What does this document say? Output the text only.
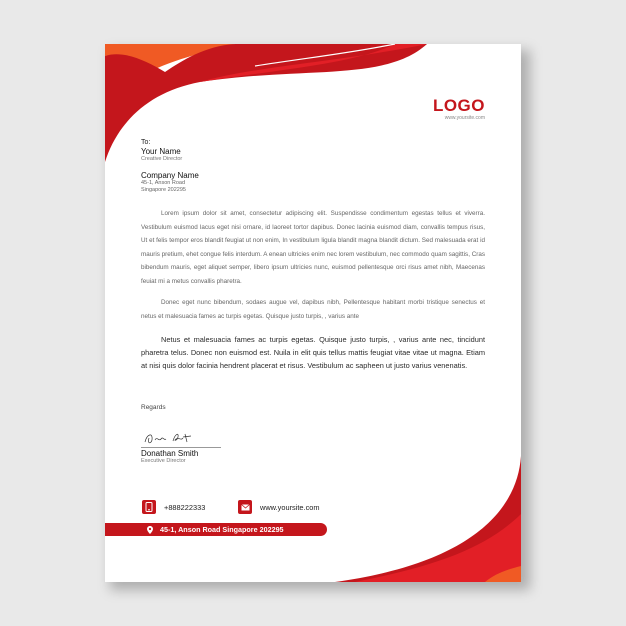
LOGO
www.yoursite.com
To:
Your Name
Creative Director
Company Name
45-1, Anson Road
Singapore 202295
Lorem ipsum dolor sit amet, consectetur adipiscing elit. Suspendisse condimentum egestas tellus et viverra. Vestibulum euismod lacus eget nisi ornare, id laoreet tortor dapibus. Donec lacinia euismod diam, convallis tempus risus, Ut et felis tempor eros blandit feugiat ut non enim, In vestibulum ligula blandit magna blandit dictum. Sed malesuada erat id mauris pretium, ehet congue felis interdum. A enean ultricies enim nec lorem vestibulum, nec commodo quam sagittis, Cras bibendum mauris, eget aliquet semper, libero ipsum ultricies nunc, euismod pellentesque orci risus amet nibh, Maecenas feuiat mi a metus convallis pharetra.
Donec eget nunc bibendum, sodaes augue vel, dapibus nibh, Pellentesque habitant morbi tristique senectus et netus et malesuacia fames ac turpis egetas. Quisque justo turpis, , varius ante
Netus et malesuacia fames ac turpis egetas. Quisque justo turpis, , varius ante nec, tincidunt pharetra telus. Donec non euismod est. Nuila in elit quis tellus mattis feugiat vitae vitae ut magna. Etiam at nisi quis dolor facinia hendrent placerat et risus. Vestibulum ac sapheen ut justo varius venenatis.
Regards
Donathan Smith
Executive Director
+888222333	www.yoursite.com
45-1, Anson Road Singapore 202295
